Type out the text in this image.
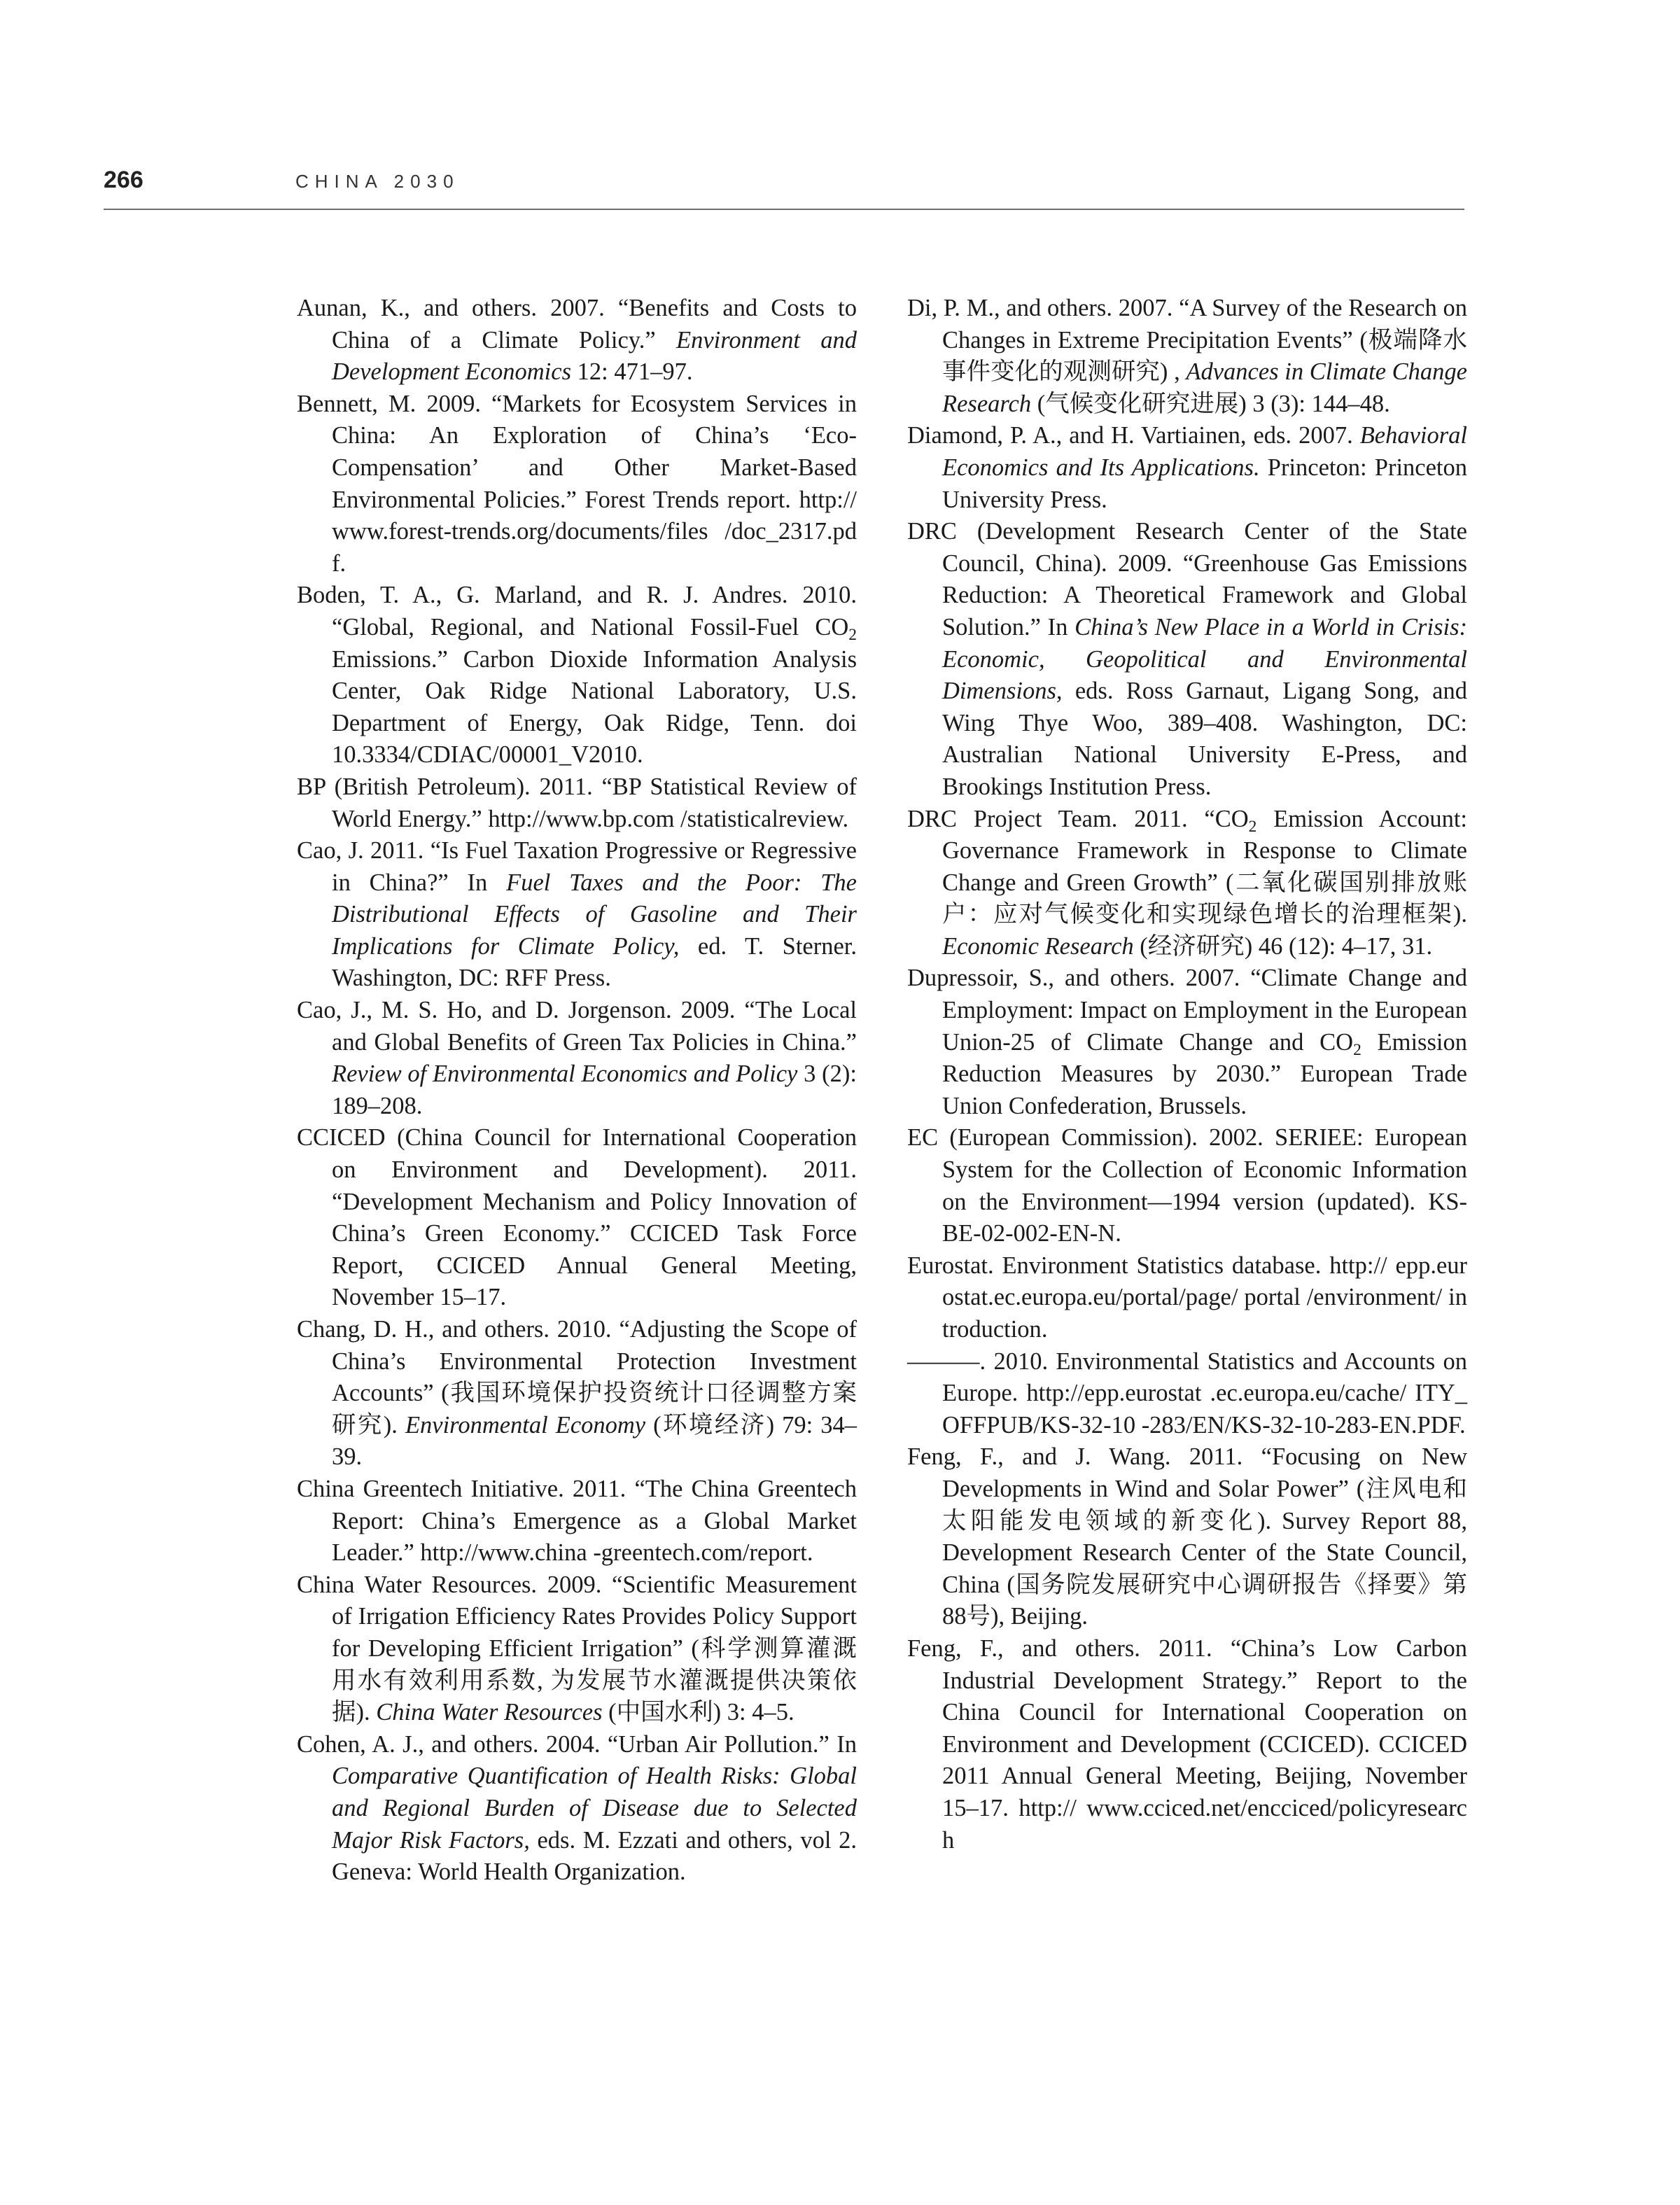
266	CHINA 2030

Aunan, K., and others. 2007. “Benefits and Costs to China of a Climate Policy.” Environment and Development Economics 12: 471–97.

Bennett, M. 2009. “Markets for Ecosystem Services in China: An Exploration of China’s ‘Eco-Compensation’ and Other Market-Based Environmental Policies.” Forest Trends report. http://www.forest-trends.org/documents/files /doc_2317.pdf.

Boden, T. A., G. Marland, and R. J. Andres. 2010. “Global, Regional, and National Fossil-Fuel $CO_2$ Emissions.” Carbon Dioxide Information Analysis Center, Oak Ridge National Laboratory, U.S. Department of Energy, Oak Ridge, Tenn. doi 10.3334/CDIAC/00001_V2010.

BP (British Petroleum). 2011. “BP Statistical Review of World Energy.” http://www.bp.com /statisticalreview.

Cao, J. 2011. “Is Fuel Taxation Progressive or Regressive in China?” In Fuel Taxes and the Poor: The Distributional Effects of Gasoline and Their Implications for Climate Policy, ed. T. Sterner. Washington, DC: RFF Press.

Cao, J., M. S. Ho, and D. Jorgenson. 2009. “The Local and Global Benefits of Green Tax Policies in China.” Review of Environmental Economics and Policy 3 (2): 189–208.

CCICED (China Council for International Cooperation on Environment and Development). 2011. “Development Mechanism and Policy Innovation of China’s Green Economy.” CCICED Task Force Report, CCICED Annual General Meeting, November 15–17.

Chang, D. H., and others. 2010. “Adjusting the Scope of China’s Environmental Protection Investment Accounts” (我国环境保护投资统计口径调整方案研究). Environmental Economy (环境经济) 79: 34–39.

China Greentech Initiative. 2011. “The China Greentech Report: China’s Emergence as a Global Market Leader.” http://www.china -greentech.com/report.

China Water Resources. 2009. “Scientific Measurement of Irrigation Efficiency Rates Provides Policy Support for Developing Efficient Irrigation” (科学测算灌溉用水有效利用系数, 为发展节水灌溉提供决策依据). China Water Resources (中国水利) 3: 4–5.

Cohen, A. J., and others. 2004. “Urban Air Pollution.” In Comparative Quantification of Health Risks: Global and Regional Burden of Disease due to Selected Major Risk Factors, eds. M. Ezzati and others, vol 2. Geneva: World Health Organization.

Di, P. M., and others. 2007. “A Survey of the Research on Changes in Extreme Precipitation Events” (极端降水事件变化的观测研究) , Advances in Climate Change Research (气候变化研究进展) 3 (3): 144–48.

Diamond, P. A., and H. Vartiainen, eds. 2007. Behavioral Economics and Its Applications. Princeton: Princeton University Press.

DRC (Development Research Center of the State Council, China). 2009. “Greenhouse Gas Emissions Reduction: A Theoretical Framework and Global Solution.” In China’s New Place in a World in Crisis: Economic, Geopolitical and Environmental Dimensions, eds. Ross Garnaut, Ligang Song, and Wing Thye Woo, 389–408. Washington, DC: Australian National University E-Press, and Brookings Institution Press.

DRC Project Team. 2011. “$CO_2$ Emission Account: Governance Framework in Response to Climate Change and Green Growth” (二氧化碳国别排放账户：应对气候变化和实现绿色增长的治理框架). Economic Research (经济研究) 46 (12): 4–17, 31.

Dupressoir, S., and others. 2007. “Climate Change and Employment: Impact on Employment in the European Union-25 of Climate Change and $CO_2$ Emission Reduction Measures by 2030.” European Trade Union Confederation, Brussels.

EC (European Commission). 2002. SERIEE: European System for the Collection of Economic Information on the Environment—1994 version (updated). KS-BE-02-002-EN-N.

Eurostat. Environment Statistics database. http:// epp.eurostat.ec.europa.eu/portal/page/ portal /environment/ introduction.

———. 2010. Environmental Statistics and Accounts on Europe. http://epp.eurostat .ec.europa.eu/cache/ ITY_OFFPUB/KS-32-10 -283/EN/KS-32-10-283-EN.PDF.

Feng, F., and J. Wang. 2011. “Focusing on New Developments in Wind and Solar Power” (注风电和太阳能发电领域的新变化). Survey Report 88, Development Research Center of the State Council, China (国务院发展研究中心调研报告《择要》第88号), Beijing.

Feng, F., and others. 2011. “China’s Low Carbon Industrial Development Strategy.” Report to the China Council for International Cooperation on Environment and Development (CCICED). CCICED 2011 Annual General Meeting, Beijing, November 15–17. http:// www.cciced.net/encciced/policyresearch
